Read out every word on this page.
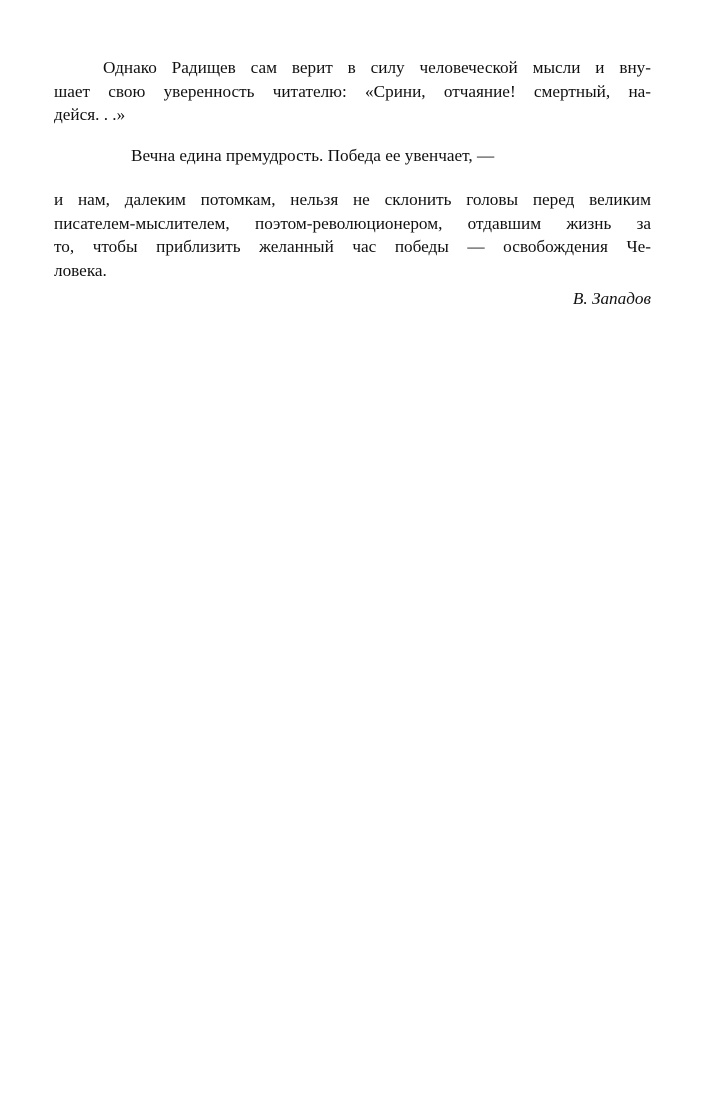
Однако Радищев сам верит в силу человеческой мысли и вну-
шает свою уверенность читателю: «Срини, отчаяние! смертный, на-
дейся. . .»

Вечна едина премудрость. Победа ее увенчает, —

и нам, далеким потомкам, нельзя не склонить головы перед великим
писателем-мыслителем, поэтом-революционером, отдавшим жизнь за
то, чтобы приблизить желанный час победы — освобождения Че-
ловека.

В. Западов
